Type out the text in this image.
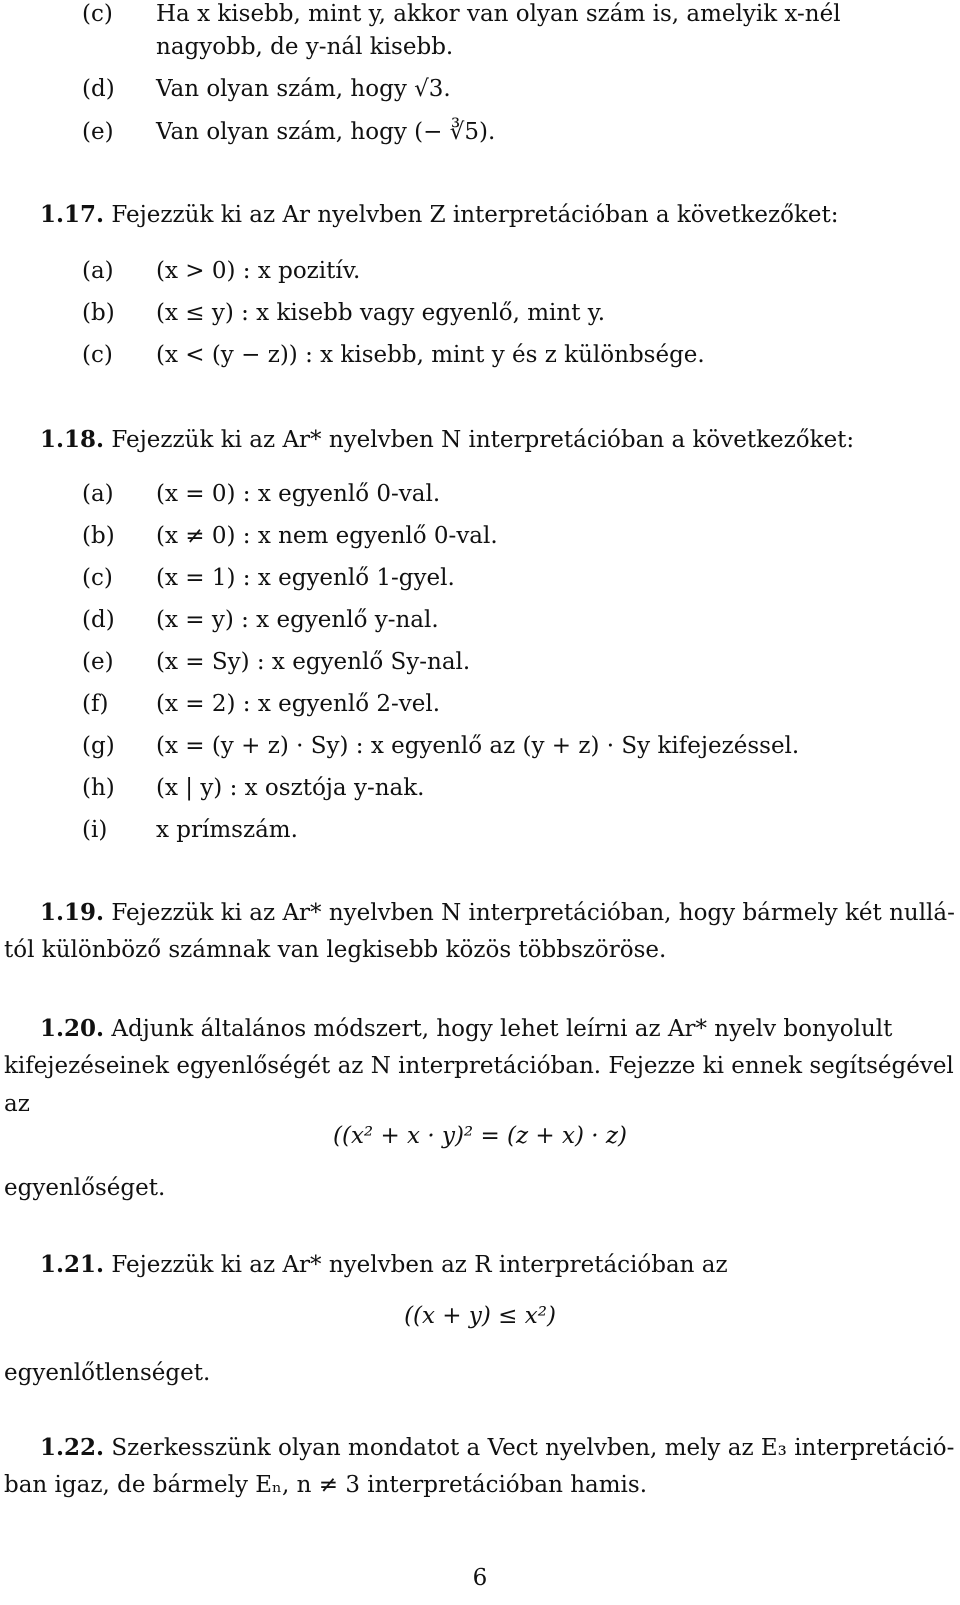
(c) Ha x kisebb, mint y, akkor van olyan szám is, amelyik x-nél
nagyobb, de y-nál kisebb.
(d) Van olyan szám, hogy √3.
(e) Van olyan szám, hogy (− ∛5).
1.17. Fejezzük ki az Ar nyelvben Z interpretációban a következőket:
(a) (x > 0) : x pozitív.
(b) (x ≤ y) : x kisebb vagy egyenlő, mint y.
(c) (x < (y − z)) : x kisebb, mint y és z különbsége.
1.18. Fejezzük ki az Ar* nyelvben N interpretációban a következőket:
(a) (x = 0) : x egyenlő 0-val.
(b) (x ≠ 0) : x nem egyenlő 0-val.
(c) (x = 1) : x egyenlő 1-gyel.
(d) (x = y) : x egyenlő y-nal.
(e) (x = Sy) : x egyenlő Sy-nal.
(f) (x = 2) : x egyenlő 2-vel.
(g) (x = (y + z) · Sy) : x egyenlő az (y + z) · Sy kifejezéssel.
(h) (x | y) : x osztója y-nak.
(i) x prímszám.
1.19. Fejezzük ki az Ar* nyelvben N interpretációban, hogy bármely két nullá-
tól különböző számnak van legkisebb közös többszöröse.
1.20. Adjunk általános módszert, hogy lehet leírni az Ar* nyelv bonyolult
kifejezéseinek egyenlőségét az N interpretációban. Fejezze ki ennek segítségével
az
((x² + x · y)² = (z + x) · z)
egyenlőséget.
1.21. Fejezzük ki az Ar* nyelvben az R interpretációban az
((x + y) ≤ x²)
egyenlőtlenséget.
1.22. Szerkesszünk olyan mondatot a Vect nyelvben, mely az E₃ interpretáció-
ban igaz, de bármely Eₙ, n ≠ 3 interpretációban hamis.
6
